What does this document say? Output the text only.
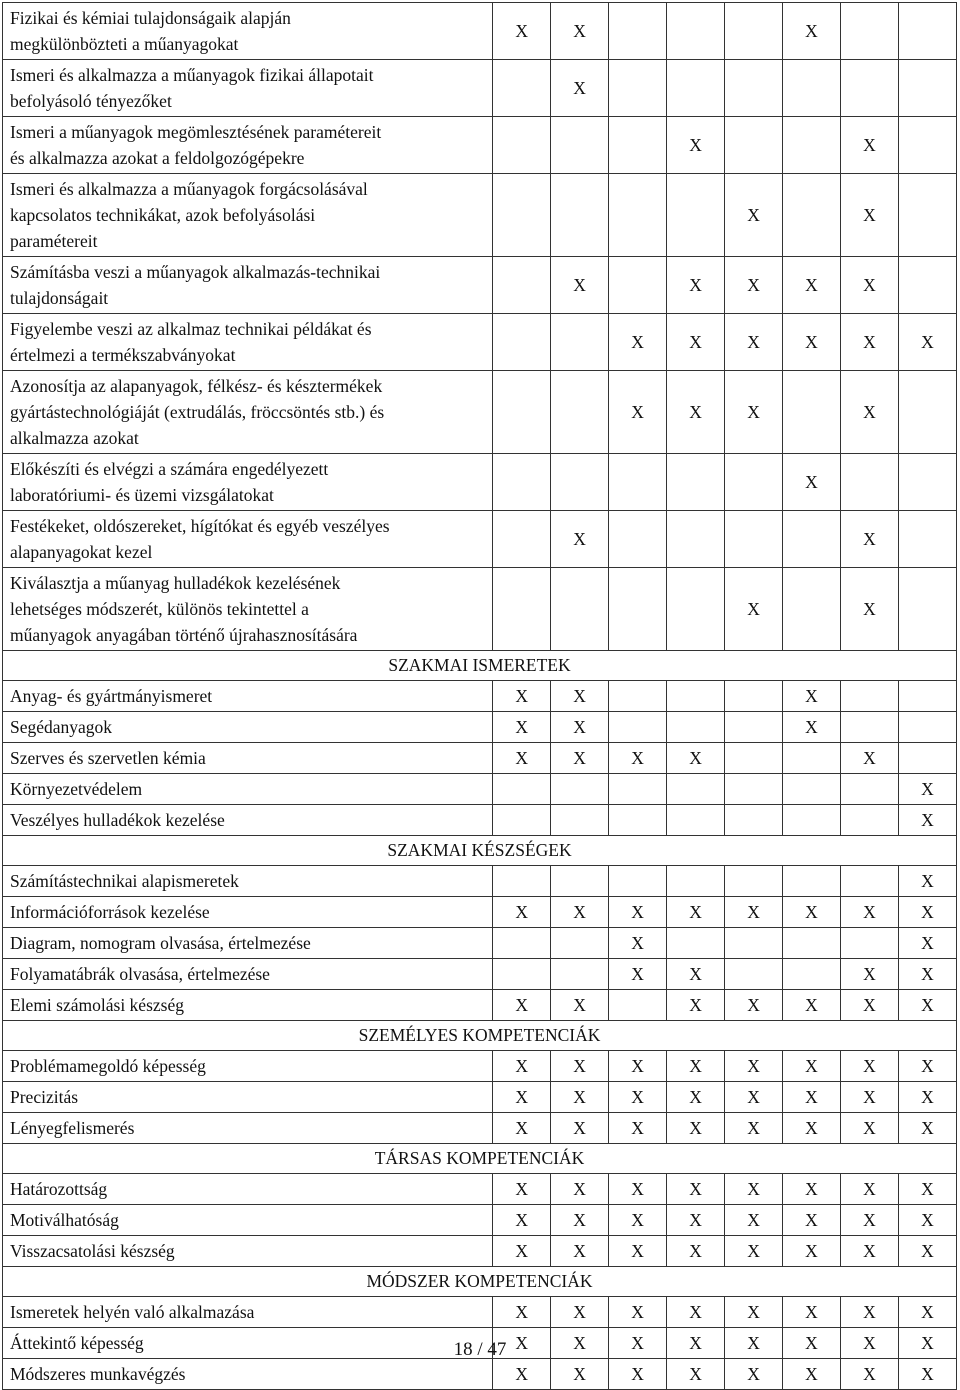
Fizikai és kémiai tulajdonságaik alapján
megkülönbözteti a műanyagokat	X	X				X		
Ismeri és alkalmazza a műanyagok fizikai állapotait
befolyásoló tényezőket		X						
Ismeri a műanyagok megömlesztésének paramétereit
és alkalmazza azokat a feldolgozógépekre				X			X	
Ismeri és alkalmazza a műanyagok forgácsolásával
kapcsolatos technikákat, azok befolyásolási
paramétereit					X		X	
Számításba veszi a műanyagok alkalmazás-technikai
tulajdonságait		X		X	X	X	X	
Figyelembe veszi az alkalmaz technikai példákat és
értelmezi a termékszabványokat			X	X	X	X	X	X
Azonosítja az alapanyagok, félkész- és késztermékek
gyártástechnológiáját (extrudálás, fröccsöntés stb.) és
alkalmazza azokat			X	X	X		X	
Előkészíti és elvégzi a számára engedélyezett
laboratóriumi- és üzemi vizsgálatokat						X		
Festékeket, oldószereket, hígítókat és egyéb veszélyes
alapanyagokat kezel		X					X	
Kiválasztja a műanyag hulladékok kezelésének
lehetséges módszerét, különös tekintettel a
műanyagok anyagában történő újrahasznosítására					X		X	
SZAKMAI ISMERETEK								
Anyag- és gyártmányismeret	X	X				X		
Segédanyagok	X	X				X		
Szerves és szervetlen kémia	X	X	X	X			X	
Környezetvédelem								X
Veszélyes hulladékok kezelése								X
SZAKMAI KÉSZSÉGEK								
Számítástechnikai alapismeretek								X
Információforrások kezelése	X	X	X	X	X	X	X	X
Diagram, nomogram olvasása, értelmezése			X					X
Folyamatábrák olvasása, értelmezése			X	X			X	X
Elemi számolási készség	X	X		X	X	X	X	X
SZEMÉLYES KOMPETENCIÁK								
Problémamegoldó képesség	X	X	X	X	X	X	X	X
Precizitás	X	X	X	X	X	X	X	X
Lényegfelismerés	X	X	X	X	X	X	X	X
TÁRSAS KOMPETENCIÁK								
Határozottság	X	X	X	X	X	X	X	X
Motiválhatóság	X	X	X	X	X	X	X	X
Visszacsatolási készség	X	X	X	X	X	X	X	X
MÓDSZER KOMPETENCIÁK								
Ismeretek helyén való alkalmazása	X	X	X	X	X	X	X	X
Áttekintő képesség	X	X	X	X	X	X	X	X
Módszeres munkavégzés	X	X	X	X	X	X	X	X
18 / 47
